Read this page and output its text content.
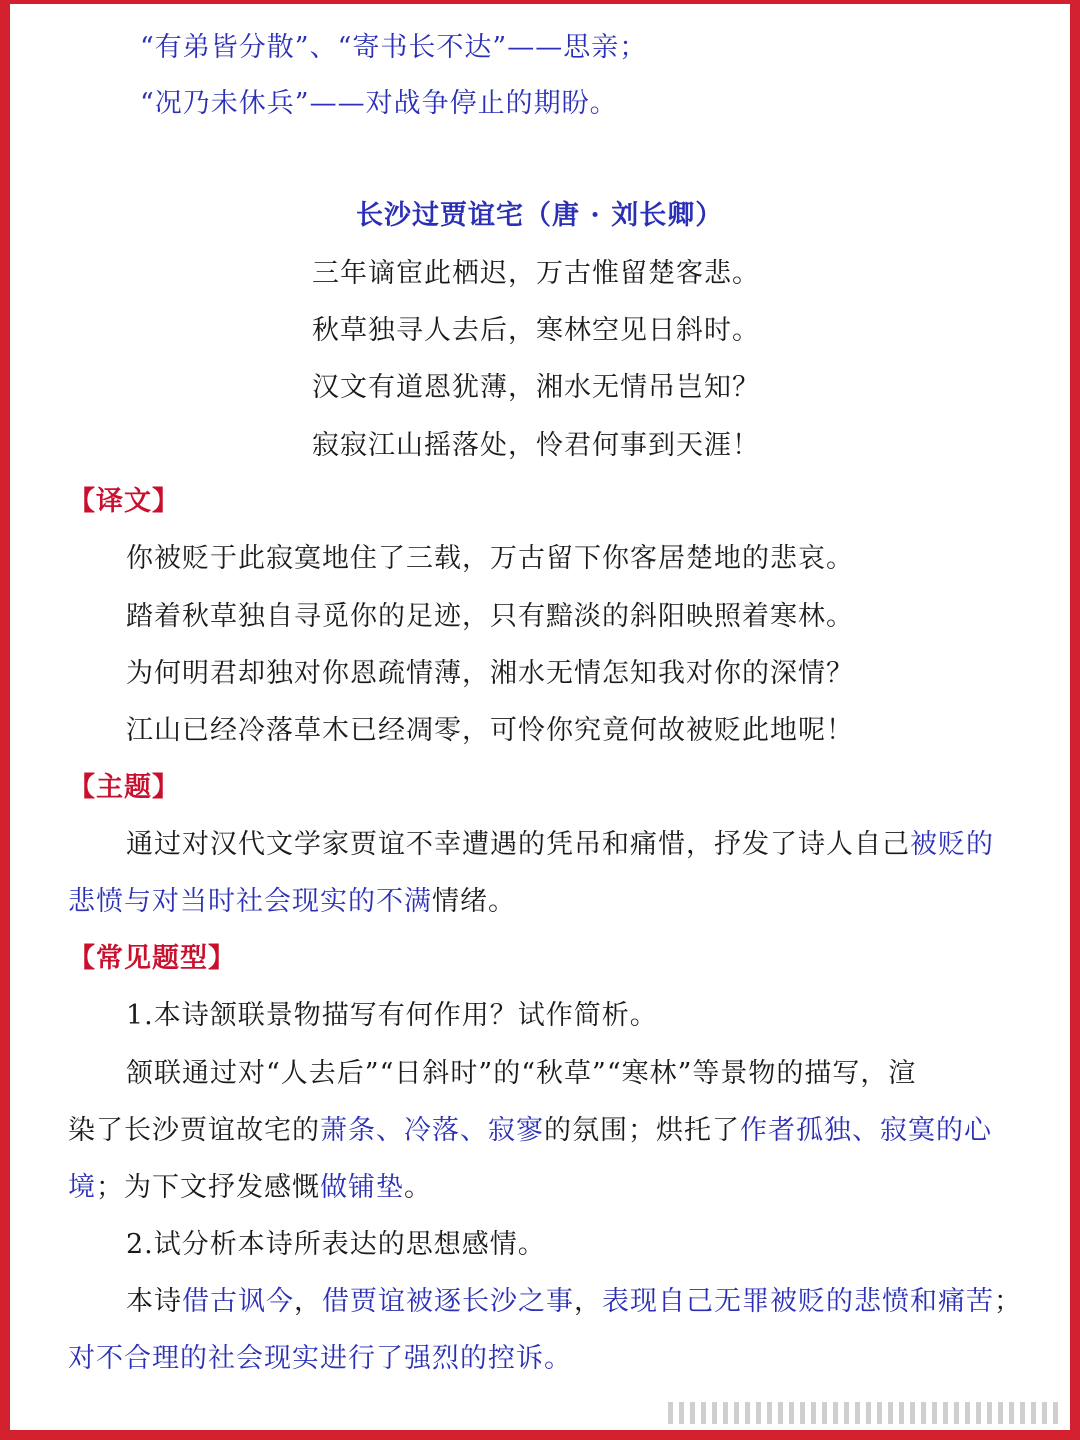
“有弟皆分散”、“寄书长不达”——思亲；
“况乃未休兵”——对战争停止的期盼。
长沙过贾谊宅（唐 · 刘长卿）
三年谪宦此栖迟，万古惟留楚客悲。
秋草独寻人去后，寒林空见日斜时。
汉文有道恩犹薄，湘水无情吊岂知？
寂寂江山摇落处，怜君何事到天涯！
【译文】
你被贬于此寂寞地住了三载，万古留下你客居楚地的悲哀。
踏着秋草独自寻觅你的足迹，只有黯淡的斜阳映照着寒林。
为何明君却独对你恩疏情薄，湘水无情怎知我对你的深情？
江山已经冷落草木已经凋零，可怜你究竟何故被贬此地呢！
【主题】
通过对汉代文学家贾谊不幸遭遇的凭吊和痛惜，抒发了诗人自己被贬的
悲愤与对当时社会现实的不满情绪。
【常见题型】
1.本诗颔联景物描写有何作用？试作简析。
颔联通过对“人去后”“日斜时”的“秋草”“寒林”等景物的描写，渲
染了长沙贾谊故宅的萧条、冷落、寂寥的氛围；烘托了作者孤独、寂寞的心
境；为下文抒发感慨做铺垫。
2.试分析本诗所表达的思想感情。
本诗借古讽今，借贾谊被逐长沙之事，表现自己无罪被贬的悲愤和痛苦；
对不合理的社会现实进行了强烈的控诉。
